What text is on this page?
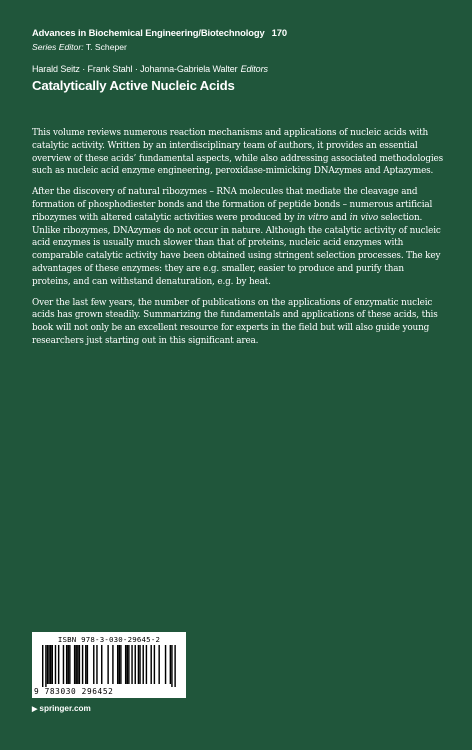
Advances in Biochemical Engineering/Biotechnology 170
Series Editor: T. Scheper
Harald Seitz · Frank Stahl · Johanna-Gabriela Walter Editors
Catalytically Active Nucleic Acids

This volume reviews numerous reaction mechanisms and applications of nucleic acids with catalytic activity. Written by an interdisciplinary team of authors, it provides an essential overview of these acids’ fundamental aspects, while also addressing associated methodologies such as nucleic acid enzyme engineering, peroxidase-mimicking DNAzymes and Aptazymes.

After the discovery of natural ribozymes – RNA molecules that mediate the cleavage and formation of phosphodiester bonds and the formation of peptide bonds – numerous artificial ribozymes with altered catalytic activities were produced by in vitro and in vivo selection. Unlike ribozymes, DNAzymes do not occur in nature. Although the catalytic activity of nucleic acid enzymes is usually much slower than that of proteins, nucleic acid enzymes with comparable catalytic activity have been obtained using stringent selection processes. The key advantages of these enzymes: they are e.g. smaller, easier to produce and purify than proteins, and can withstand denaturation, e.g. by heat.

Over the last few years, the number of publications on the applications of enzymatic nucleic acids has grown steadily. Summarizing the fundamentals and applications of these acids, this book will not only be an excellent resource for experts in the field but will also guide young researchers just starting out in this significant area.

ISBN 978-3-030-29645-2
9 783030 296452
▶ springer.com
